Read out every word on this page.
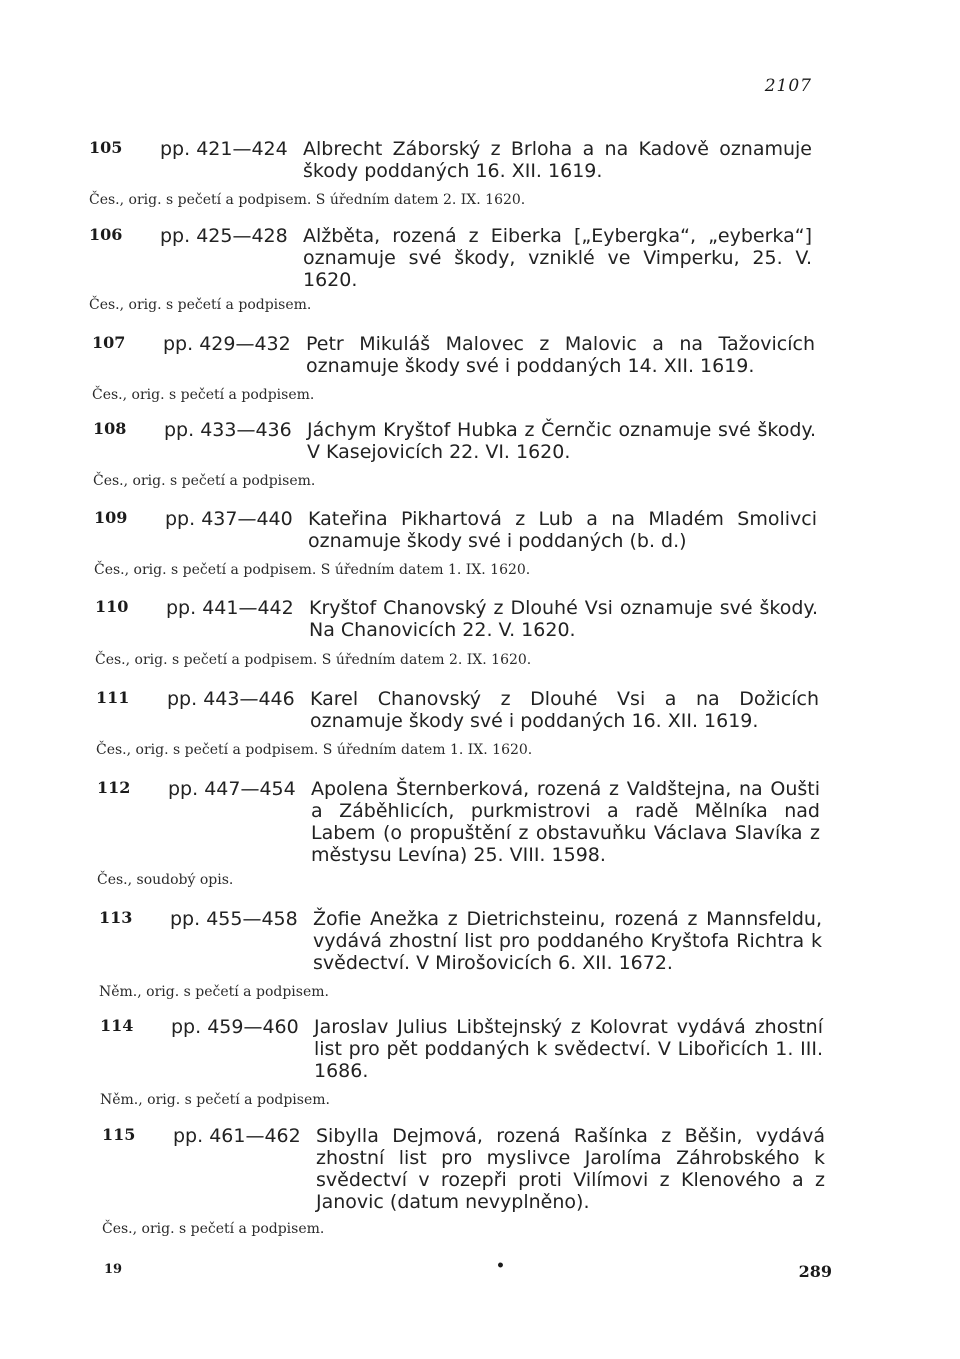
2107
105 pp. 421—424 Albrecht Záborský z Brloha a na Kadově oznamuje škody poddaných 16. XII. 1619.
Čes., orig. s pečetí a podpisem. S úředním datem 2. IX. 1620.
106 pp. 425—428 Alžběta, rozená z Eiberka [„Eybergka“, „eyberka“] oznamuje své škody, vzniklé ve Vimperku, 25. V. 1620.
Čes., orig. s pečetí a podpisem.
107 pp. 429—432 Petr Mikuláš Malovec z Malovic a na Tažovicích oznamuje škody své i poddaných 14. XII. 1619.
Čes., orig. s pečetí a podpisem.
108 pp. 433—436 Jáchym Kryštof Hubka z Černčic oznamuje své škody. V Kasejovicích 22. VI. 1620.
Čes., orig. s pečetí a podpisem.
109 pp. 437—440 Kateřina Pikhartová z Lub a na Mladém Smolivci oznamuje škody své i poddaných (b. d.)
Čes., orig. s pečetí a podpisem. S úředním datem 1. IX. 1620.
110 pp. 441—442 Kryštof Chanovský z Dlouhé Vsi oznamuje své škody. Na Chanovicích 22. V. 1620.
Čes., orig. s pečetí a podpisem. S úředním datem 2. IX. 1620.
111 pp. 443—446 Karel Chanovský z Dlouhé Vsi a na Dožicích oznamuje škody své i poddaných 16. XII. 1619.
Čes., orig. s pečetí a podpisem. S úředním datem 1. IX. 1620.
112 pp. 447—454 Apolena Šternberková, rozená z Valdštejna, na Oušti a Záběhlicích, purkmistrovi a radě Mělníka nad Labem (o propuštění z obstavuňku Václava Slavíka z městysu Levína) 25. VIII. 1598.
Čes., soudobý opis.
113 pp. 455—458 Žofie Anežka z Dietrichsteinu, rozená z Mannsfeldu, vydává zhostní list pro poddaného Kryštofa Richtra k svědectví. V Mirošovicích 6. XII. 1672.
Něm., orig. s pečetí a podpisem.
114 pp. 459—460 Jaroslav Julius Libštejnský z Kolovrat vydává zhostní list pro pět poddaných k svědectví. V Libořicích 1. III. 1686.
Něm., orig. s pečetí a podpisem.
115 pp. 461—462 Sibylla Dejmová, rozená Rašínka z Běšin, vydává zhostní list pro myslivce Jarolíma Záhrobského k svědectví v rozepři proti Vilímovi z Klenového a z Janovic (datum nevyplněno).
Čes., orig. s pečetí a podpisem.
19	•	289
